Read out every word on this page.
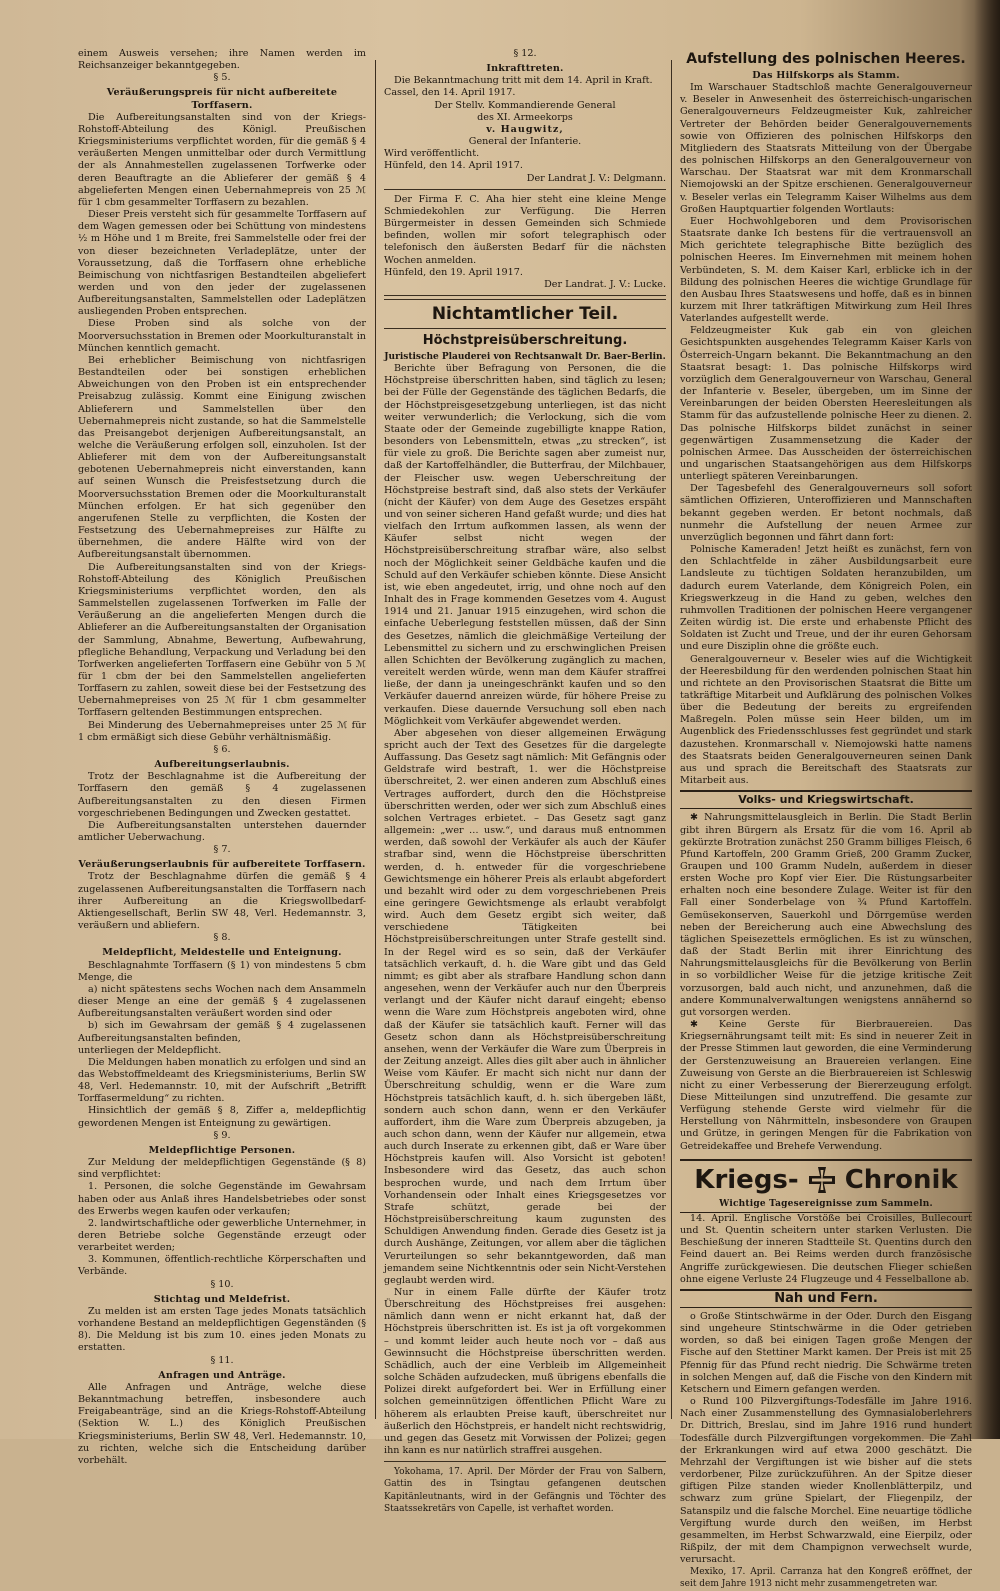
einem Ausweis versehen; ihre Namen werden im Reichsanzeiger bekanntgegeben.

§ 5.

Veräußerungspreis für nicht aufbereitete Torffasern.

Die Aufbereitungsanstalten sind von der Kriegs-Rohstoff-Abteilung des Königl. Preußischen Kriegsministeriums verpflichtet worden, für die gemäß § 4 veräußerten Mengen unmittelbar oder durch Vermittlung der als Annahmestellen zugelassenen Torfwerke oder deren Beauftragte an die Ablieferer der gemäß § 4 abgelieferten Mengen einen Uebernahmepreis von 25 ℳ für 1 cbm gesammelter Torffasern zu bezahlen.

Dieser Preis versteht sich für gesammelte Torffasern auf dem Wagen gemessen oder bei Schüttung von mindestens ½ m Höhe und 1 m Breite, frei Sammelstelle oder frei der von dieser bezeichneten Verladeplätze, unter der Voraussetzung, daß die Torffasern ohne erhebliche Beimischung von nichtfasrigen Bestandteilen abgeliefert werden und von den jeder der zugelassenen Aufbereitungsanstalten, Sammelstellen oder Ladeplätzen ausliegenden Proben entsprechen.

Diese Proben sind als solche von der Moorversuchsstation in Bremen oder Moorkulturanstalt in München kenntlich gemacht.

Bei erheblicher Beimischung von nichtfasrigen Bestandteilen oder bei sonstigen erheblichen Abweichungen von den Proben ist ein entsprechender Preisabzug zulässig. Kommt eine Einigung zwischen Ablieferern und Sammelstellen über den Uebernahmepreis nicht zustande, so hat die Sammelstelle das Preisangebot derjenigen Aufbereitungsanstalt, an welche die Veräußerung erfolgen soll, einzuholen. Ist der Ablieferer mit dem von der Aufbereitungsanstalt gebotenen Uebernahmepreis nicht einverstanden, kann auf seinen Wunsch die Preisfestsetzung durch die Moorversuchsstation Bremen oder die Moorkulturanstalt München erfolgen. Er hat sich gegenüber den angerufenen Stelle zu verpflichten, die Kosten der Festsetzung des Uebernahmepreises zur Hälfte zu übernehmen, die andere Hälfte wird von der Aufbereitungsanstalt übernommen.

Die Aufbereitungsanstalten sind von der Kriegs-Rohstoff-Abteilung des Königlich Preußischen Kriegsministeriums verpflichtet worden, den als Sammelstellen zugelassenen Torfwerken im Falle der Veräußerung an die angelieferten Mengen durch die Ablieferer an die Aufbereitungsanstalten der Organisation der Sammlung, Abnahme, Bewertung, Aufbewahrung, pflegliche Behandlung, Verpackung und Verladung bei den Torfwerken angelieferten Torffasern eine Gebühr von 5 ℳ für 1 cbm der bei den Sammelstellen angelieferten Torffasern zu zahlen, soweit diese bei der Festsetzung des Uebernahmepreises von 25 ℳ für 1 cbm gesammelter Torffasern geltenden Bestimmungen entsprechen.

Bei Minderung des Uebernahmepreises unter 25 ℳ für 1 cbm ermäßigt sich diese Gebühr verhältnismäßig.

§ 6.

Aufbereitungserlaubnis.

Trotz der Beschlagnahme ist die Aufbereitung der Torffasern den gemäß § 4 zugelassenen Aufbereitungsanstalten zu den diesen Firmen vorgeschriebenen Bedingungen und Zwecken gestattet.

Die Aufbereitungsanstalten unterstehen dauernder amtlicher Ueberwachung.

§ 7.

Veräußerungserlaubnis für aufbereitete Torffasern.

Trotz der Beschlagnahme dürfen die gemäß § 4 zugelassenen Aufbereitungsanstalten die Torffasern nach ihrer Aufbereitung an die Kriegswollbedarf-Aktiengesellschaft, Berlin SW 48, Verl. Hedemannstr. 3, veräußern und abliefern.

§ 8.

Meldepflicht, Meldestelle und Enteignung.

Beschlagnahmte Torffasern (§ 1) von mindestens 5 cbm Menge, die

a) nicht spätestens sechs Wochen nach dem Ansammeln dieser Menge an eine der gemäß § 4 zugelassenen Aufbereitungsanstalten veräußert worden sind oder

b) sich im Gewahrsam der gemäß § 4 zugelassenen Aufbereitungsanstalten befinden,

unterliegen der Meldepflicht.

Die Meldungen haben monatlich zu erfolgen und sind an das Webstoffmeldeamt des Kriegsministeriums, Berlin SW 48, Verl. Hedemannstr. 10, mit der Aufschrift „Betrifft Torffasermeldung“ zu richten.

Hinsichtlich der gemäß § 8, Ziffer a, meldepflichtig gewordenen Mengen ist Enteignung zu gewärtigen.

§ 9.

Meldepflichtige Personen.

Zur Meldung der meldepflichtigen Gegenstände (§ 8) sind verpflichtet:

1. Personen, die solche Gegenstände im Gewahrsam haben oder aus Anlaß ihres Handelsbetriebes oder sonst des Erwerbs wegen kaufen oder verkaufen;

2. landwirtschaftliche oder gewerbliche Unternehmer, in deren Betriebe solche Gegenstände erzeugt oder verarbeitet werden;

3. Kommunen, öffentlich-rechtliche Körperschaften und Verbände.

§ 10.

Stichtag und Meldefrist.

Zu melden ist am ersten Tage jedes Monats tatsächlich vorhandene Bestand an meldepflichtigen Gegenständen (§ 8). Die Meldung ist bis zum 10. eines jeden Monats zu erstatten.

§ 11.

Anfragen und Anträge.

Alle Anfragen und Anträge, welche diese Bekanntmachung betreffen, insbesondere auch Freigabeanträge, sind an die Kriegs-Rohstoff-Abteilung (Sektion W. L.) des Königlich Preußischen Kriegsministeriums, Berlin SW 48, Verl. Hedemannstr. 10, zu richten, welche sich die Entscheidung darüber vorbehält.

§ 12.

Inkrafttreten.

Die Bekanntmachung tritt mit dem 14. April in Kraft.

Cassel, den 14. April 1917.

Der Stellv. Kommandierende General

des XI. Armeekorps

v. Haugwitz,

General der Infanterie.

Wird veröffentlicht.

Hünfeld, den 14. April 1917.

Der Landrat J. V.: Delgmann.

Der Firma F. C. Aha hier steht eine kleine Menge Schmiedekohlen zur Verfügung. Die Herren Bürgermeister in dessen Gemeinden sich Schmiede befinden, wollen mir sofort telegraphisch oder telefonisch den äußersten Bedarf für die nächsten Wochen anmelden.

Hünfeld, den 19. April 1917.

Der Landrat. J. V.: Lucke.

Nichtamtlicher Teil.

Höchstpreisüberschreitung.

Juristische Plauderei von Rechtsanwalt Dr. Baer-Berlin.

Berichte über Befragung von Personen, die die Höchstpreise überschritten haben, sind täglich zu lesen; bei der Fülle der Gegenstände des täglichen Bedarfs, die der Höchstpreisgesetzgebung unterliegen, ist das nicht weiter verwunderlich; die Verlockung, sich die vom Staate oder der Gemeinde zugebilligte knappe Ration, besonders von Lebensmitteln, etwas „zu strecken“, ist für viele zu groß. Die Berichte sagen aber zumeist nur, daß der Kartoffelhändler, die Butterfrau, der Milchbauer, der Fleischer usw. wegen Ueberschreitung der Höchstpreise bestraft sind, daß also stets der Verkäufer (nicht der Käufer) von dem Auge des Gesetzes erspäht und von seiner sicheren Hand gefaßt wurde; und dies hat vielfach den Irrtum aufkommen lassen, als wenn der Käufer selbst nicht wegen der Höchstpreisüberschreitung strafbar wäre, also selbst noch der Möglichkeit seiner Geldbäche kaufen und die Schuld auf den Verkäufer schieben könnte. Diese Ansicht ist, wie eben angedeutet, irrig, und ohne noch auf den Inhalt des in Frage kommenden Gesetzes vom 4. August 1914 und 21. Januar 1915 einzugehen, wird schon die einfache Ueberlegung feststellen müssen, daß der Sinn des Gesetzes, nämlich die gleichmäßige Verteilung der Lebensmittel zu sichern und zu erschwinglichen Preisen allen Schichten der Bevölkerung zugänglich zu machen, vereitelt werden würde, wenn man dem Käufer straffrei ließe, der dann ja uneingeschränkt kaufen und so den Verkäufer dauernd anreizen würde, für höhere Preise zu verkaufen. Diese dauernde Versuchung soll eben nach Möglichkeit vom Verkäufer abgewendet werden.

Aber abgesehen von dieser allgemeinen Erwägung spricht auch der Text des Gesetzes für die dargelegte Auffassung. Das Gesetz sagt nämlich: Mit Gefängnis oder Geldstrafe wird bestraft, 1. wer die Höchstpreise überschreitet, 2. wer einen anderen zum Abschluß eines Vertrages auffordert, durch den die Höchstpreise überschritten werden, oder wer sich zum Abschluß eines solchen Vertrages erbietet. – Das Gesetz sagt ganz allgemein: „wer … usw.“, und daraus muß entnommen werden, daß sowohl der Verkäufer als auch der Käufer strafbar sind, wenn die Höchstpreise überschritten werden, d. h. entweder für die vorgeschriebene Gewichtsmenge ein höherer Preis als erlaubt abgefordert und bezahlt wird oder zu dem vorgeschriebenen Preis eine geringere Gewichtsmenge als erlaubt verabfolgt wird. Auch dem Gesetz ergibt sich weiter, daß verschiedene Tätigkeiten bei Höchstpreisüberschreitungen unter Strafe gestellt sind. In der Regel wird es so sein, daß der Verkäufer tatsächlich verkauft, d. h. die Ware gibt und das Geld nimmt; es gibt aber als strafbare Handlung schon dann angesehen, wenn der Verkäufer auch nur den Überpreis verlangt und der Käufer nicht darauf eingeht; ebenso wenn die Ware zum Höchstpreis angeboten wird, ohne daß der Käufer sie tatsächlich kauft. Ferner will das Gesetz schon dann als Höchstpreisüberschreitung ansehen, wenn der Verkäufer die Ware zum Überpreis in der Zeitung anzeigt. Alles dies gilt aber auch in ähnlicher Weise vom Käufer. Er macht sich nicht nur dann der Überschreitung schuldig, wenn er die Ware zum Höchstpreis tatsächlich kauft, d. h. sich übergeben läßt, sondern auch schon dann, wenn er den Verkäufer auffordert, ihm die Ware zum Überpreis abzugeben, ja auch schon dann, wenn der Käufer nur allgemein, etwa auch durch Inserate zu erkennen gibt, daß er Ware über Höchstpreis kaufen will. Also Vorsicht ist geboten! Insbesondere wird das Gesetz, das auch schon besprochen wurde, und nach dem Irrtum über Vorhandensein oder Inhalt eines Kriegsgesetzes vor Strafe schützt, gerade bei der Höchstpreisüberschreitung kaum zugunsten des Schuldigen Anwendung finden. Gerade dies Gesetz ist ja durch Aushänge, Zeitungen, vor allem aber die täglichen Verurteilungen so sehr bekanntgeworden, daß man jemandem seine Nichtkenntnis oder sein Nicht-Verstehen geglaubt werden wird.

Nur in einem Falle dürfte der Käufer trotz Überschreitung des Höchstpreises frei ausgehen: nämlich dann wenn er nicht erkannt hat, daß der Höchstpreis überschritten ist. Es ist ja oft vorgekommen – und kommt leider auch heute noch vor – daß aus Gewinnsucht die Höchstpreise überschritten werden. Schädlich, auch der eine Verbleib im Allgemeinheit solche Schäden aufzudecken, muß übrigens ebenfalls die Polizei direkt aufgefordert bei. Wer in Erfüllung einer solchen gemeinnützigen öffentlichen Pflicht Ware zu höherem als erlaubten Preise kauft, überschreitet nur äußerlich den Höchstpreis, er handelt nicht rechtswidrig, und gegen das Gesetz mit Vorwissen der Polizei; gegen ihn kann es nur natürlich straffrei ausgehen.

Yokohama, 17. April. Der Mörder der Frau von Salbern, Gattin des in Tsingtau gefangenen deutschen Kapitänleutnants, wird in der Gefängnis und Töchter des Staatssekretärs von Capelle, ist verhaftet worden.

Aufstellung des polnischen Heeres.

Das Hilfskorps als Stamm.

Im Warschauer Stadtschloß machte Generalgouverneur v. Beseler in Anwesenheit des österreichisch-ungarischen Generalgouverneurs Feldzeugmeister Kuk, zahlreicher Vertreter der Behörden beider Generalgouvernements sowie von Offizieren des polnischen Hilfskorps den Mitgliedern des Staatsrats Mitteilung von der Übergabe des polnischen Hilfskorps an den Generalgouverneur von Warschau. Der Staatsrat war mit dem Kronmarschall Niemojowski an der Spitze erschienen. Generalgouverneur v. Beseler verlas ein Telegramm Kaiser Wilhelms aus dem Großen Hauptquartier folgenden Wortlauts:

Euer Hochwohlgeboren und dem Provisorischen Staatsrate danke Ich bestens für die vertrauensvoll an Mich gerichtete telegraphische Bitte bezüglich des polnischen Heeres. Im Einvernehmen mit meinem hohen Verbündeten, S. M. dem Kaiser Karl, erblicke ich in der Bildung des polnischen Heeres die wichtige Grundlage für den Ausbau Ihres Staatswesens und hoffe, daß es in binnen kurzem mit Ihrer tatkräftigen Mitwirkung zum Heil Ihres Vaterlandes aufgestellt werde.

Feldzeugmeister Kuk gab ein von gleichen Gesichtspunkten ausgehendes Telegramm Kaiser Karls von Österreich-Ungarn bekannt. Die Bekanntmachung an den Staatsrat besagt: 1. Das polnische Hilfskorps wird vorzüglich dem Generalgouverneur von Warschau, General der Infanterie v. Beseler, übergeben, um im Sinne der Vereinbarungen der beiden Obersten Heeresleitungen als Stamm für das aufzustellende polnische Heer zu dienen. 2. Das polnische Hilfskorps bildet zunächst in seiner gegenwärtigen Zusammensetzung die Kader der polnischen Armee. Das Ausscheiden der österreichischen und ungarischen Staatsangehörigen aus dem Hilfskorps unterliegt späteren Vereinbarungen.

Der Tagesbefehl des Generalgouverneurs soll sofort sämtlichen Offizieren, Unteroffizieren und Mannschaften bekannt gegeben werden. Er betont nochmals, daß nunmehr die Aufstellung der neuen Armee zur unverzüglich begonnen und fährt dann fort:

Polnische Kameraden! Jetzt heißt es zunächst, fern von den Schlachtfelde in zäher Ausbildungsarbeit eure Landsleute zu tüchtigen Soldaten heranzubilden, um dadurch eurem Vaterlande, dem Königreich Polen, ein Kriegswerkzeug in die Hand zu geben, welches den ruhmvollen Traditionen der polnischen Heere vergangener Zeiten würdig ist. Die erste und erhabenste Pflicht des Soldaten ist Zucht und Treue, und der ihr euren Gehorsam und eure Disziplin ohne die größte euch.

Generalgouverneur v. Beseler wies auf die Wichtigkeit der Heeresbildung für den werdenden polnischen Staat hin und richtete an den Provisorischen Staatsrat die Bitte um tatkräftige Mitarbeit und Aufklärung des polnischen Volkes über die Bedeutung der bereits zu ergreifenden Maßregeln. Polen müsse sein Heer bilden, um im Augenblick des Friedensschlusses fest gegründet und stark dazustehen. Kronmarschall v. Niemojowski hatte namens des Staatsrats beiden Generalgouverneuren seinen Dank aus und sprach die Bereitschaft des Staatsrats zur Mitarbeit aus.

Volks- und Kriegswirtschaft.

✱ Nahrungsmittelausgleich in Berlin. Die Stadt Berlin gibt ihren Bürgern als Ersatz für die vom 16. April ab gekürzte Brotration zunächst 250 Gramm billiges Fleisch, 6 Pfund Kartoffeln, 200 Gramm Grieß, 200 Gramm Zucker, Graupen und 100 Gramm Nudeln, außerdem in dieser ersten Woche pro Kopf vier Eier. Die Rüstungsarbeiter erhalten noch eine besondere Zulage. Weiter ist für den Fall einer Sonderbelage von ¾ Pfund Kartoffeln. Gemüsekonserven, Sauerkohl und Dörrgemüse werden neben der Bereicherung auch eine Abwechslung des täglichen Speisezettels ermöglichen. Es ist zu wünschen, daß der Stadt Berlin mit ihrer Einrichtung des Nahrungsmittelausgleichs für die Bevölkerung von Berlin in so vorbildlicher Weise für die jetzige kritische Zeit vorzusorgen, bald auch nicht, und anzunehmen, daß die andere Kommunalverwaltungen wenigstens annähernd so gut vorsorgen werden.

✱ Keine Gerste für Bierbrauereien. Das Kriegsernährungsamt teilt mit: Es sind in neuerer Zeit in der Presse Stimmen laut geworden, die eine Verminderung der Gerstenzuweisung an Brauereien verlangen. Eine Zuweisung von Gerste an die Bierbrauereien ist Schleswig nicht zu einer Verbesserung der Biererzeugung erfolgt. Diese Mitteilungen sind unzutreffend. Die gesamte zur Verfügung stehende Gerste wird vielmehr für die Herstellung von Nährmitteln, insbesondere von Graupen und Grütze, in geringen Mengen für die Fabrikation von Getreidekaffee und Brehefe Verwendung.

Kriegs- Chronik

Wichtige Tagesereignisse zum Sammeln.

14. April. Englische Vorstöße bei Croisilles, Bullecourt und St. Quentin scheitern unter starken Verlusten. Die Beschießung der inneren Stadtteile St. Quentins durch den Feind dauert an. Bei Reims werden durch französische Angriffe zurückgewiesen. Die deutschen Flieger schießen ohne eigene Verluste 24 Flugzeuge und 4 Fesselballone ab.

Nah und Fern.

o Große Stintschwärme in der Oder. Durch den Eisgang sind ungeheure Stintschwärme in die Oder getrieben worden, so daß bei einigen Tagen große Mengen der Fische auf den Stettiner Markt kamen. Der Preis ist mit 25 Pfennig für das Pfund recht niedrig. Die Schwärme treten in solchen Mengen auf, daß die Fische von den Kindern mit Ketschern und Eimern gefangen werden.

o Rund 100 Pilzvergiftungs-Todesfälle im Jahre 1916. Nach einer Zusammenstellung des Gymnasialoberlehrers Dr. Dittrich, Breslau, sind im Jahre 1916 rund hundert Todesfälle durch Pilzvergiftungen vorgekommen. Die Zahl der Erkrankungen wird auf etwa 2000 geschätzt. Die Mehrzahl der Vergiftungen ist wie bisher auf die stets verdorbener, Pilze zurückzuführen. An der Spitze dieser giftigen Pilze standen wieder Knollenblätterpilz, und schwarz zum grüne Spielart, der Fliegenpilz, der Satanspilz und die falsche Morchel. Eine neuartige tödliche Vergiftung wurde durch den weißen, im Herbst gesammelten, im Herbst Schwarzwald, eine Eierpilz, oder Rißpilz, der mit dem Champignon verwechselt wurde, verursacht.

Mexiko, 17. April. Carranza hat den Kongreß eröffnet, der seit dem Jahre 1913 nicht mehr zusammengetreten war.
